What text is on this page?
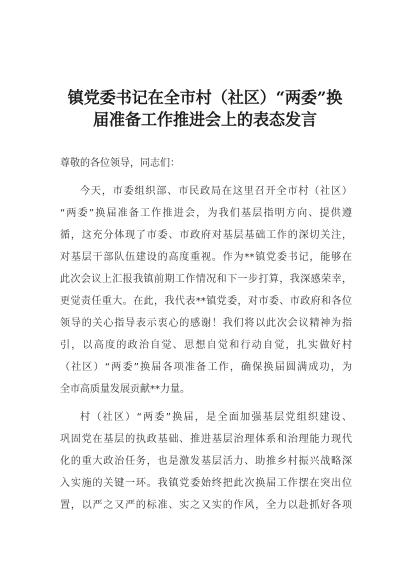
镇党委书记在全市村（社区）“两委”换
届准备工作推进会上的表态发言

尊敬的各位领导，同志们：

今天，市委组织部、市民政局在这里召开全市村（社区）

“两委”换届准备工作推进会，为我们基层指明方向、提供遵

循，这充分体现了市委、市政府对基层基础工作的深切关注，

对基层干部队伍建设的高度重视。作为**镇党委书记，能够在

此次会议上汇报我镇前期工作情况和下一步打算，我深感荣幸，

更觉责任重大。在此，我代表**镇党委，对市委、市政府和各位

领导的关心指导表示衷心的感谢！我们将以此次会议精神为指

引，以高度的政治自觉、思想自觉和行动自觉，扎实做好村

（社区）“两委”换届各项准备工作，确保换届圆满成功，为

全市高质量发展贡献**力量。

村（社区）“两委”换届，是全面加强基层党组织建设、

巩固党在基层的执政基础、推进基层治理体系和治理能力现代

化的重大政治任务，也是激发基层活力、助推乡村振兴战略深

入实施的关键一环。我镇党委始终把此次换届工作摆在突出位

置，以严之又严的标准、实之又实的作风，全力以赴抓好各项
